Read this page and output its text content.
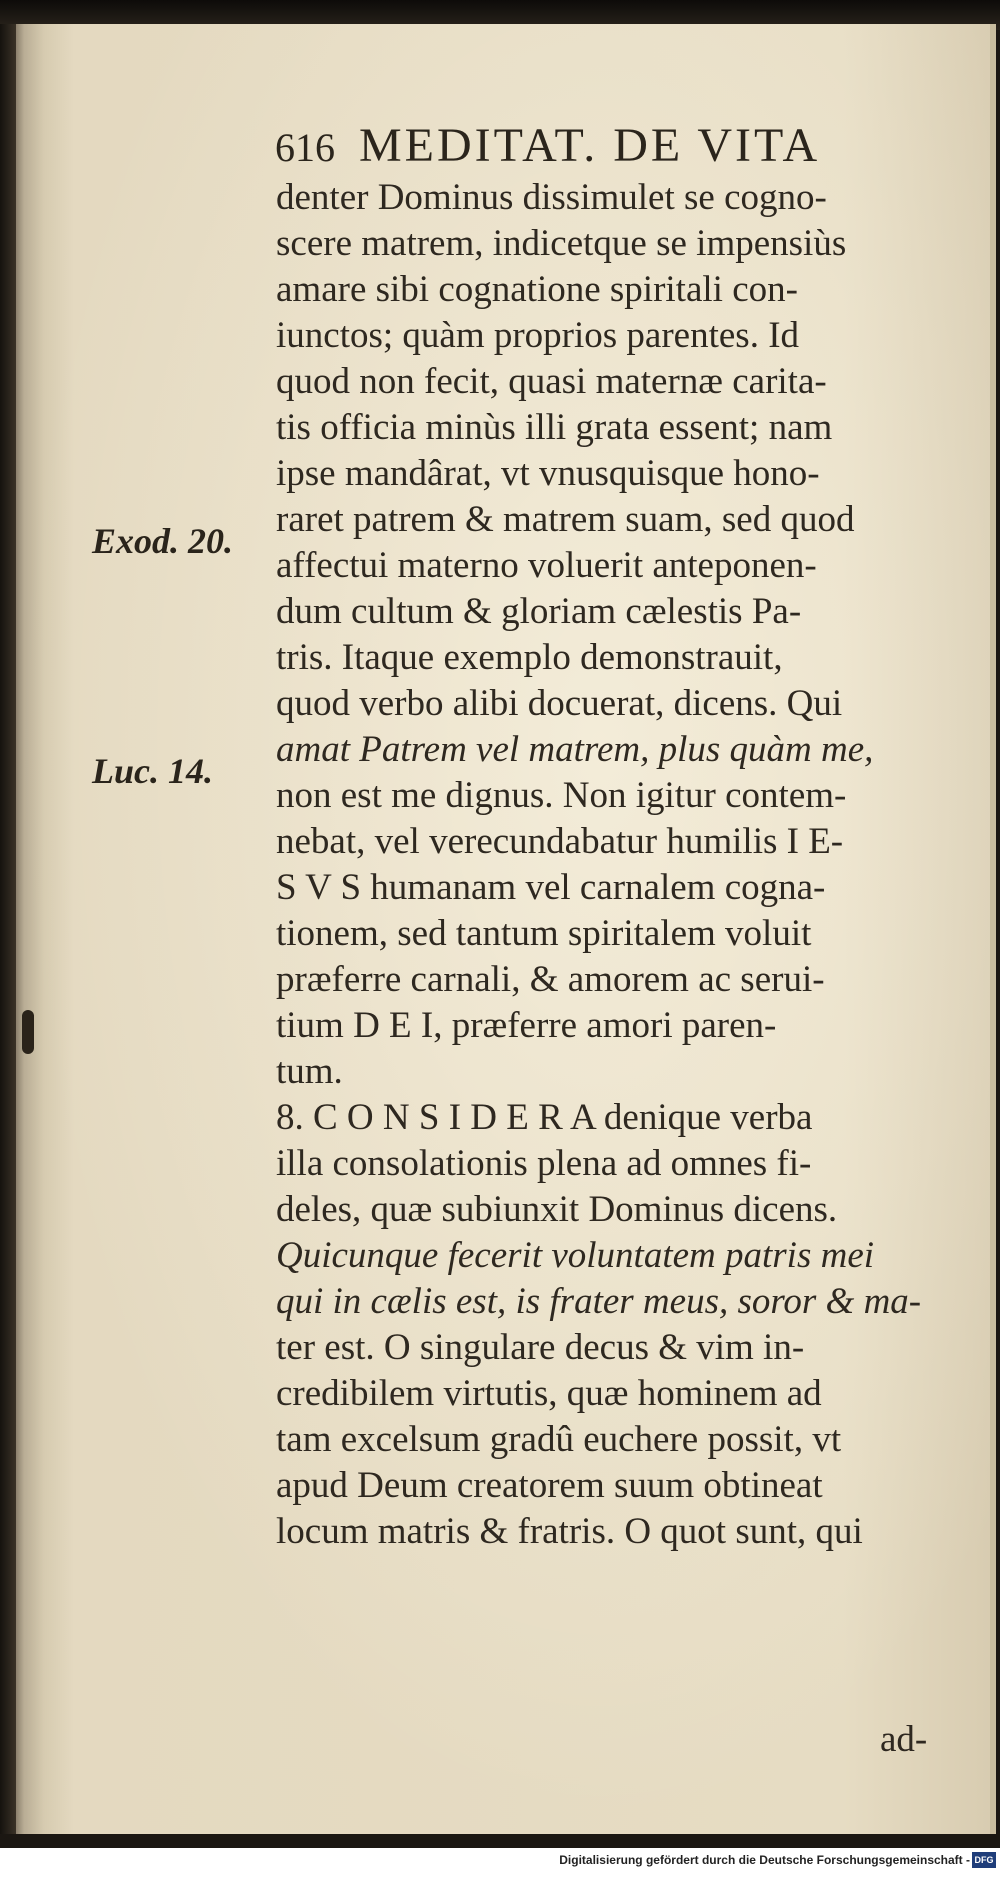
616 MEDITAT. DE VITA
Exod. 20.
Luc. 14.
denter Dominus dissimulet se cogno-
scere matrem, indicetque se impensiùs
amare sibi cognatione spiritali con-
iunctos; quàm proprios parentes. Id
quod non fecit, quasi maternæ carita-
tis officia minùs illi grata essent; nam
ipse mandârat, vt vnusquisque hono-
raret patrem & matrem suam, sed quod
affectui materno voluerit anteponen-
dum cultum & gloriam cælestis Pa-
tris. Itaque exemplo demonstrauit,
quod verbo alibi docuerat, dicens. Qui
amat Patrem vel matrem, plus quàm me,
non est me dignus. Non igitur contem-
nebat, vel verecundabatur humilis I E-
S V S humanam vel carnalem cogna-
tionem, sed tantum spiritalem voluit
præferre carnali, & amorem ac serui-
tium D E I, præferre amori paren-
tum.
8. C O N S I D E R A denique verba
illa consolationis plena ad omnes fi-
deles, quæ subiunxit Dominus dicens.
Quicunque fecerit voluntatem patris mei
qui in cælis est, is frater meus, soror & ma-
ter est. O singulare decus & vim in-
credibilem virtutis, quæ hominem ad
tam excelsum gradû euchere possit, vt
apud Deum creatorem suum obtineat
locum matris & fratris. O quot sunt, qui
ad-
Digitalisierung gefördert durch die Deutsche Forschungsgemeinschaft - DFG
